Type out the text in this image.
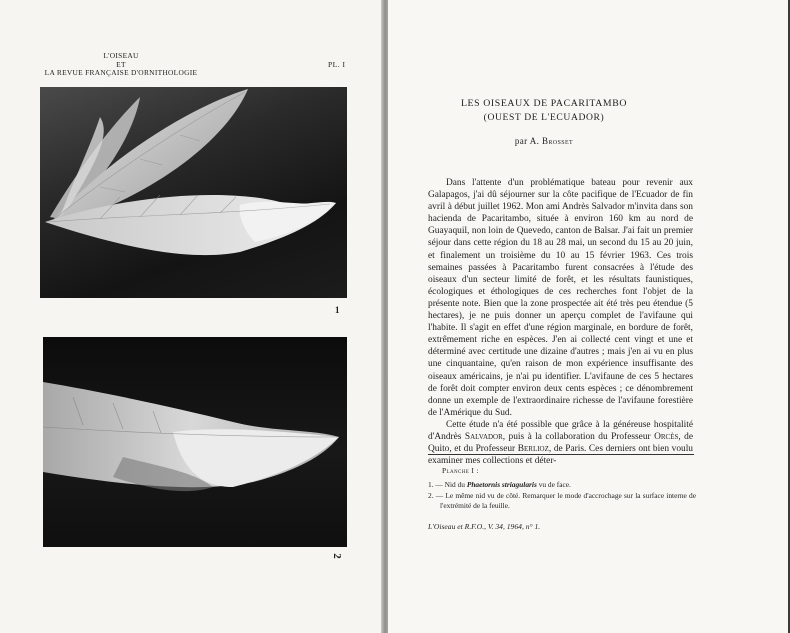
L'OISEAU
ET
LA REVUE FRANÇAISE D'ORNITHOLOGIE
PL. I
1
2
LES OISEAUX DE PACARITAMBO
(OUEST DE L'ECUADOR)
par A. Brosset

Dans l'attente d'un problématique bateau pour revenir aux Galapagos, j'ai dû séjourner sur la côte pacifique de l'Ecuador de fin avril à début juillet 1962. Mon ami Andrès Salvador m'invita dans son hacienda de Pacaritambo, située à environ 160 km au nord de Guayaquil, non loin de Quevedo, canton de Balsar. J'ai fait un premier séjour dans cette région du 18 au 28 mai, un second du 15 au 20 juin, et finalement un troisième du 10 au 15 février 1963. Ces trois semaines passées à Pacaritambo furent consacrées à l'étude des oiseaux d'un secteur limité de forêt, et les résultats faunistiques, écologiques et éthologiques de ces recherches font l'objet de la présente note. Bien que la zone prospectée ait été très peu étendue (5 hectares), je ne puis donner un aperçu complet de l'avifaune qui l'habite. Il s'agit en effet d'une région marginale, en bordure de forêt, extrêmement riche en espèces. J'en ai collecté cent vingt et une et déterminé avec certitude une dizaine d'autres ; mais j'en ai vu en plus une cinquantaine, qu'en raison de mon expérience insuffisante des oiseaux américains, je n'ai pu identifier. L'avifaune de ces 5 hectares de forêt doit compter environ deux cents espèces ; ce dénombrement donne un exemple de l'extraordinaire richesse de l'avifaune forestière de l'Amérique du Sud.

Cette étude n'a été possible que grâce à la généreuse hospitalité d'Andrès Salvador, puis à la collaboration du Professeur Orcès, de Quito, et du Professeur Berlioz, de Paris. Ces derniers ont bien voulu examiner mes collections et déter-

Planche I :
1. — Nid du Phaetornis striagularis vu de face.
2. — Le même nid vu de côté. Remarquer le mode d'accrochage sur la surface interne de l'extrémité de la feuille.
L'Oiseau et R.F.O., V. 34, 1964, n° 1.
